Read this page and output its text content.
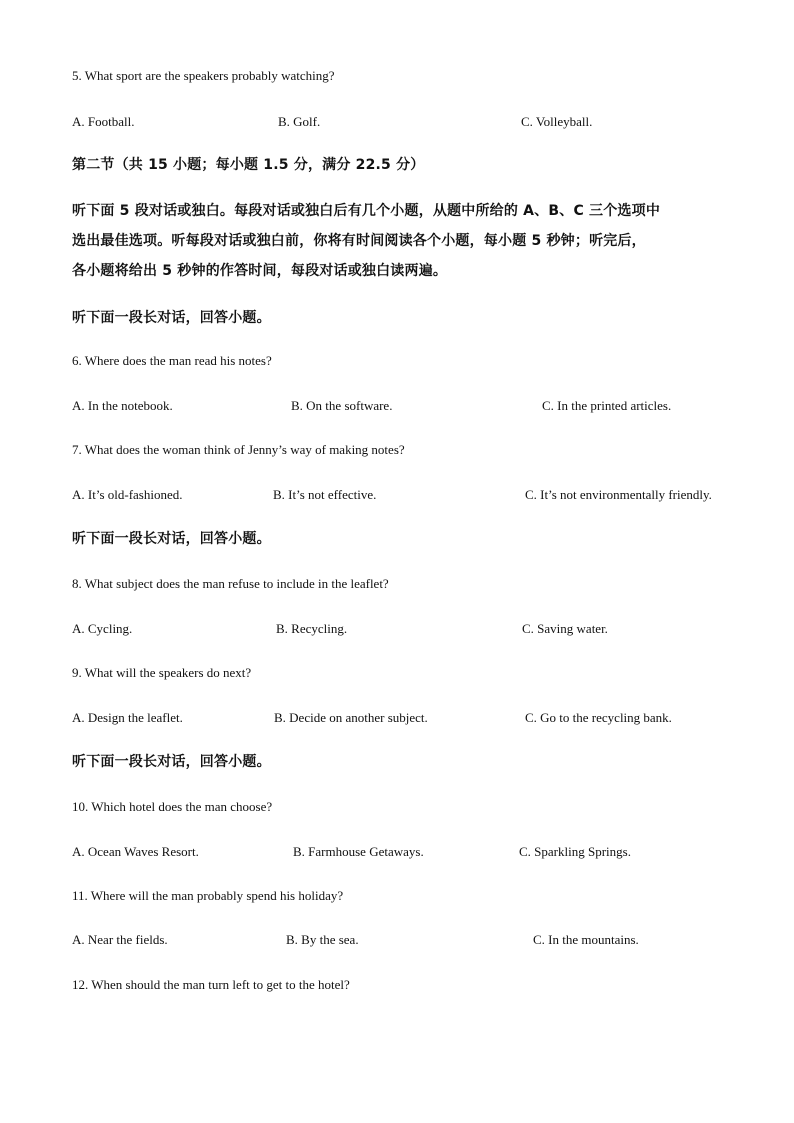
5. What sport are the speakers probably watching?
A. Football.	B. Golf.	C. Volleyball.
第二节（共 15 小题；每小题 1.5 分，满分 22.5 分）
听下面 5 段对话或独白。每段对话或独白后有几个小题，从题中所给的 A、B、C 三个选项中
选出最佳选项。听每段对话或独白前，你将有时间阅读各个小题，每小题 5 秒钟；听完后，
各小题将给出 5 秒钟的作答时间，每段对话或独白读两遍。
听下面一段长对话，回答小题。
6. Where does the man read his notes?
A. In the notebook.	B. On the software.	C. In the printed articles.
7. What does the woman think of Jenny’s way of making notes?
A. It’s old-fashioned.	B. It’s not effective.	C. It’s not environmentally friendly.
听下面一段长对话，回答小题。
8. What subject does the man refuse to include in the leaflet?
A. Cycling.	B. Recycling.	C. Saving water.
9. What will the speakers do next?
A. Design the leaflet.	B. Decide on another subject.	C. Go to the recycling bank.
听下面一段长对话，回答小题。
10. Which hotel does the man choose?
A. Ocean Waves Resort.	B. Farmhouse Getaways.	C. Sparkling Springs.
11. Where will the man probably spend his holiday?
A. Near the fields.	B. By the sea.	C. In the mountains.
12. When should the man turn left to get to the hotel?
